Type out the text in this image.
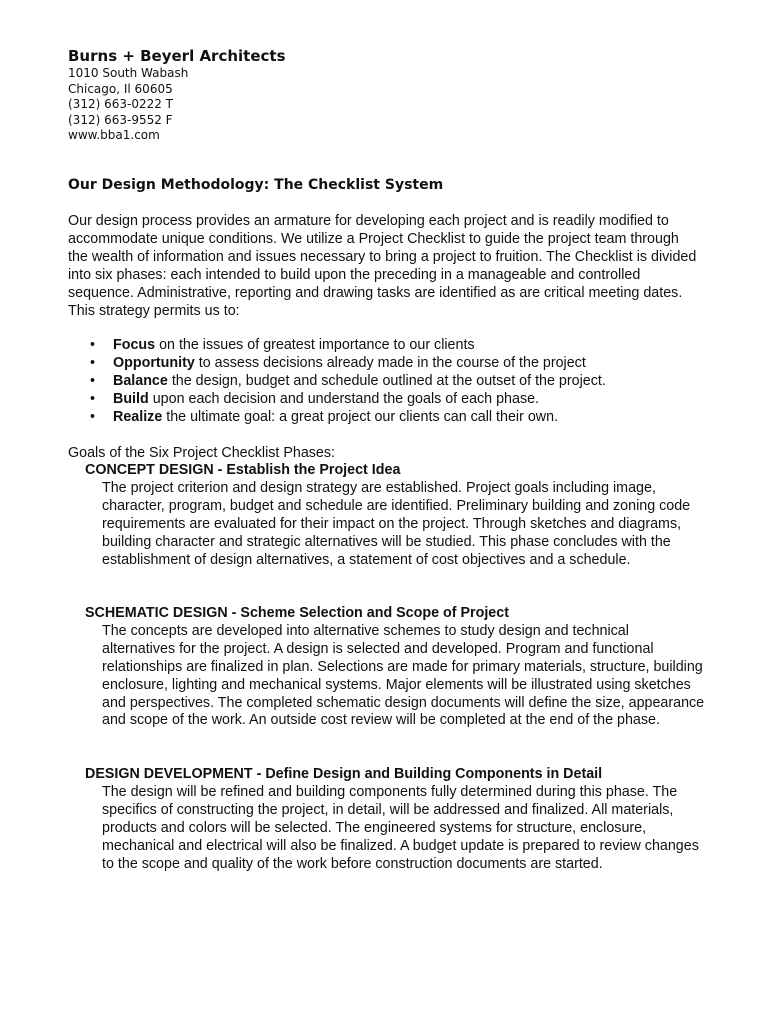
Burns + Beyerl Architects
1010 South Wabash
Chicago, Il 60605
(312) 663-0222 T
(312) 663-9552 F
www.bba1.com
Our Design Methodology: The Checklist System

Our design process provides an armature for developing each project and is readily modified to accommodate unique conditions. We utilize a Project Checklist to guide the project team through the wealth of information and issues necessary to bring a project to fruition. The Checklist is divided into six phases: each intended to build upon the preceding in a manageable and controlled sequence. Administrative, reporting and drawing tasks are identified as are critical meeting dates. This strategy permits us to:

• Focus on the issues of greatest importance to our clients
• Opportunity to assess decisions already made in the course of the project
• Balance the design, budget and schedule outlined at the outset of the project.
• Build upon each decision and understand the goals of each phase.
• Realize the ultimate goal: a great project our clients can call their own.

Goals of the Six Project Checklist Phases:

CONCEPT DESIGN - Establish the Project Idea

The project criterion and design strategy are established. Project goals including image, character, program, budget and schedule are identified. Preliminary building and zoning code requirements are evaluated for their impact on the project. Through sketches and diagrams, building character and strategic alternatives will be studied. This phase concludes with the establishment of design alternatives, a statement of cost objectives and a schedule.

SCHEMATIC DESIGN - Scheme Selection and Scope of Project

The concepts are developed into alternative schemes to study design and technical alternatives for the project. A design is selected and developed. Program and functional relationships are finalized in plan. Selections are made for primary materials, structure, building enclosure, lighting and mechanical systems. Major elements will be illustrated using sketches and perspectives. The completed schematic design documents will define the size, appearance and scope of the work. An outside cost review will be completed at the end of the phase.

DESIGN DEVELOPMENT - Define Design and Building Components in Detail

The design will be refined and building components fully determined during this phase. The specifics of constructing the project, in detail, will be addressed and finalized. All materials, products and colors will be selected. The engineered systems for structure, enclosure, mechanical and electrical will also be finalized. A budget update is prepared to review changes to the scope and quality of the work before construction documents are started.
